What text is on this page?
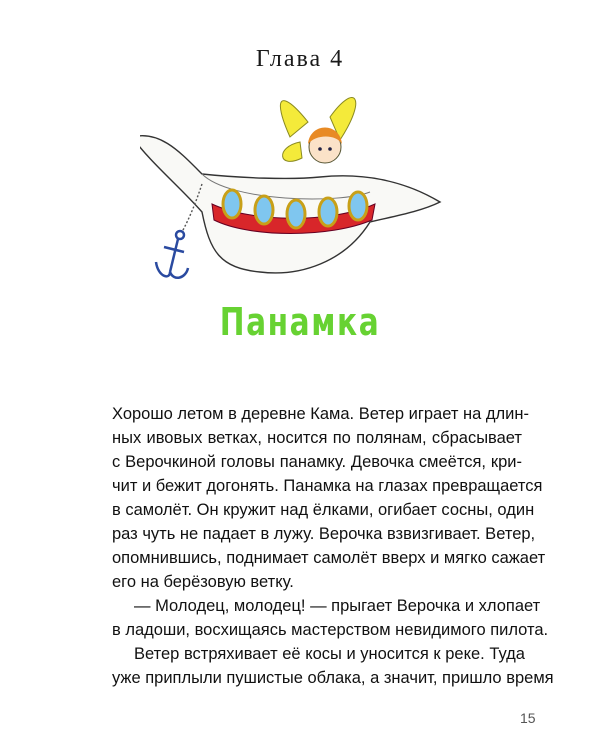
Глава 4
Панамка
Хорошо летом в деревне Кама. Ветер играет на длин-
ных ивовых ветках, носится по полянам, сбрасывает
с Верочкиной головы панамку. Девочка смеётся, кри-
чит и бежит догонять. Панамка на глазах превращается
в самолёт. Он кружит над ёлками, огибает сосны, один
раз чуть не падает в лужу. Верочка взвизгивает. Ветер,
опомнившись, поднимает самолёт вверх и мягко сажает
его на берёзовую ветку.
— Молодец, молодец! — прыгает Верочка и хлопает
в ладоши, восхищаясь мастерством невидимого пилота.
Ветер встряхивает её косы и уносится к реке. Туда
уже приплыли пушистые облака, а значит, пришло время
15
